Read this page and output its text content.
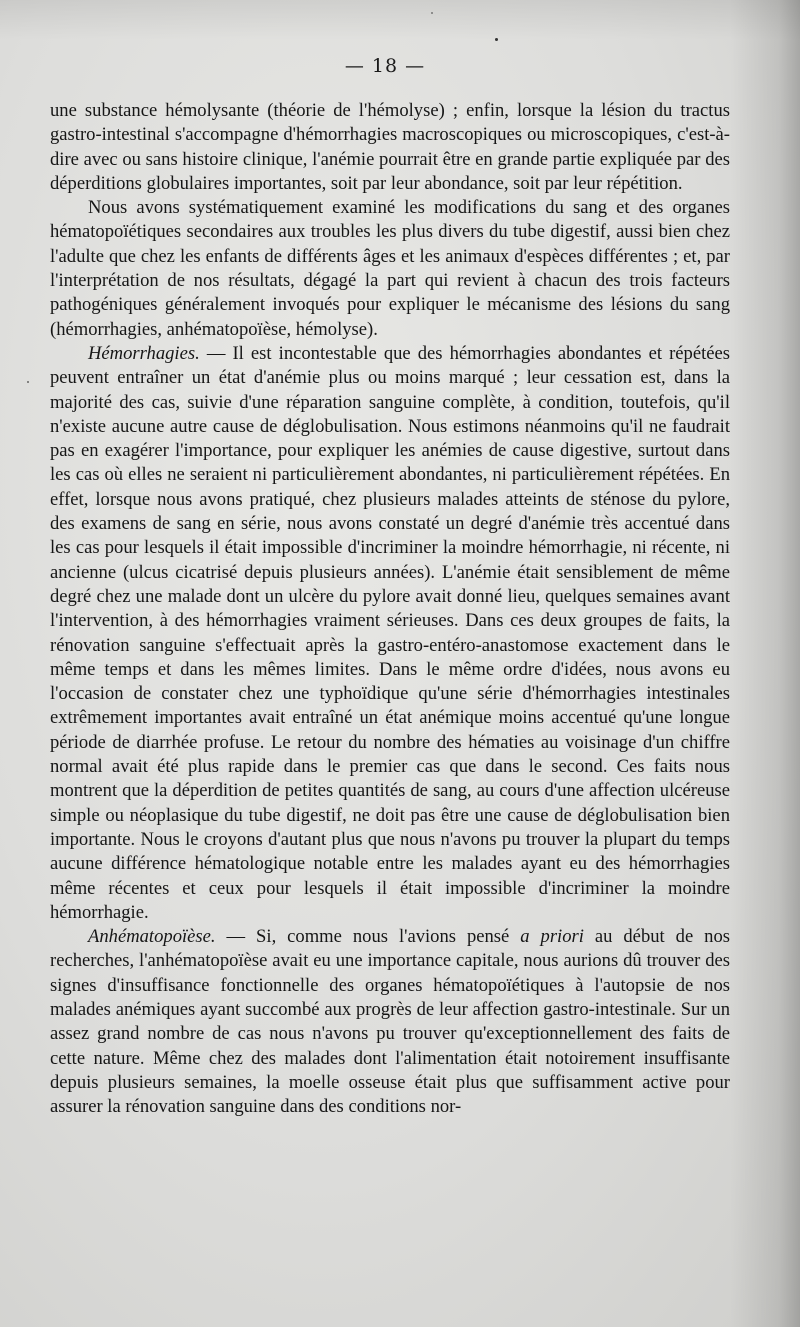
— 18 —

une substance hémolysante (théorie de l'hémolyse) ; enfin, lorsque la lésion du tractus gastro-intestinal s'accompagne d'hémorrhagies macroscopiques ou microscopiques, c'est-à-dire avec ou sans histoire clinique, l'anémie pourrait être en grande partie expliquée par des déperditions globulaires importantes, soit par leur abondance, soit par leur répétition.

Nous avons systématiquement examiné les modifications du sang et des organes hématopoïétiques secondaires aux troubles les plus divers du tube digestif, aussi bien chez l'adulte que chez les enfants de différents âges et les animaux d'espèces différentes ; et, par l'interprétation de nos résultats, dégagé la part qui revient à chacun des trois facteurs pathogéniques généralement invoqués pour expliquer le mécanisme des lésions du sang (hémorrhagies, anhématopoïèse, hémolyse).

Hémorrhagies. — Il est incontestable que des hémorrhagies abondantes et répétées peuvent entraîner un état d'anémie plus ou moins marqué ; leur cessation est, dans la majorité des cas, suivie d'une réparation sanguine complète, à condition, toutefois, qu'il n'existe aucune autre cause de déglobulisation. Nous estimons néanmoins qu'il ne faudrait pas en exagérer l'importance, pour expliquer les anémies de cause digestive, surtout dans les cas où elles ne seraient ni particulièrement abondantes, ni particulièrement répétées. En effet, lorsque nous avons pratiqué, chez plusieurs malades atteints de sténose du pylore, des examens de sang en série, nous avons constaté un degré d'anémie très accentué dans les cas pour lesquels il était impossible d'incriminer la moindre hémorrhagie, ni récente, ni ancienne (ulcus cicatrisé depuis plusieurs années). L'anémie était sensiblement de même degré chez une malade dont un ulcère du pylore avait donné lieu, quelques semaines avant l'intervention, à des hémorrhagies vraiment sérieuses. Dans ces deux groupes de faits, la rénovation sanguine s'effectuait après la gastro-entéro-anastomose exactement dans le même temps et dans les mêmes limites. Dans le même ordre d'idées, nous avons eu l'occasion de constater chez une typhoïdique qu'une série d'hémorrhagies intestinales extrêmement importantes avait entraîné un état anémique moins accentué qu'une longue période de diarrhée profuse. Le retour du nombre des hématies au voisinage d'un chiffre normal avait été plus rapide dans le premier cas que dans le second. Ces faits nous montrent que la déperdition de petites quantités de sang, au cours d'une affection ulcéreuse simple ou néoplasique du tube digestif, ne doit pas être une cause de déglobulisation bien importante. Nous le croyons d'autant plus que nous n'avons pu trouver la plupart du temps aucune différence hématologique notable entre les malades ayant eu des hémorrhagies même récentes et ceux pour lesquels il était impossible d'incriminer la moindre hémorrhagie.

Anhématopoïèse. — Si, comme nous l'avions pensé a priori au début de nos recherches, l'anhématopoïèse avait eu une importance capitale, nous aurions dû trouver des signes d'insuffisance fonctionnelle des organes hématopoïétiques à l'autopsie de nos malades anémiques ayant succombé aux progrès de leur affection gastro-intestinale. Sur un assez grand nombre de cas nous n'avons pu trouver qu'exceptionnellement des faits de cette nature. Même chez des malades dont l'alimentation était notoirement insuffisante depuis plusieurs semaines, la moelle osseuse était plus que suffisamment active pour assurer la rénovation sanguine dans des conditions nor-
